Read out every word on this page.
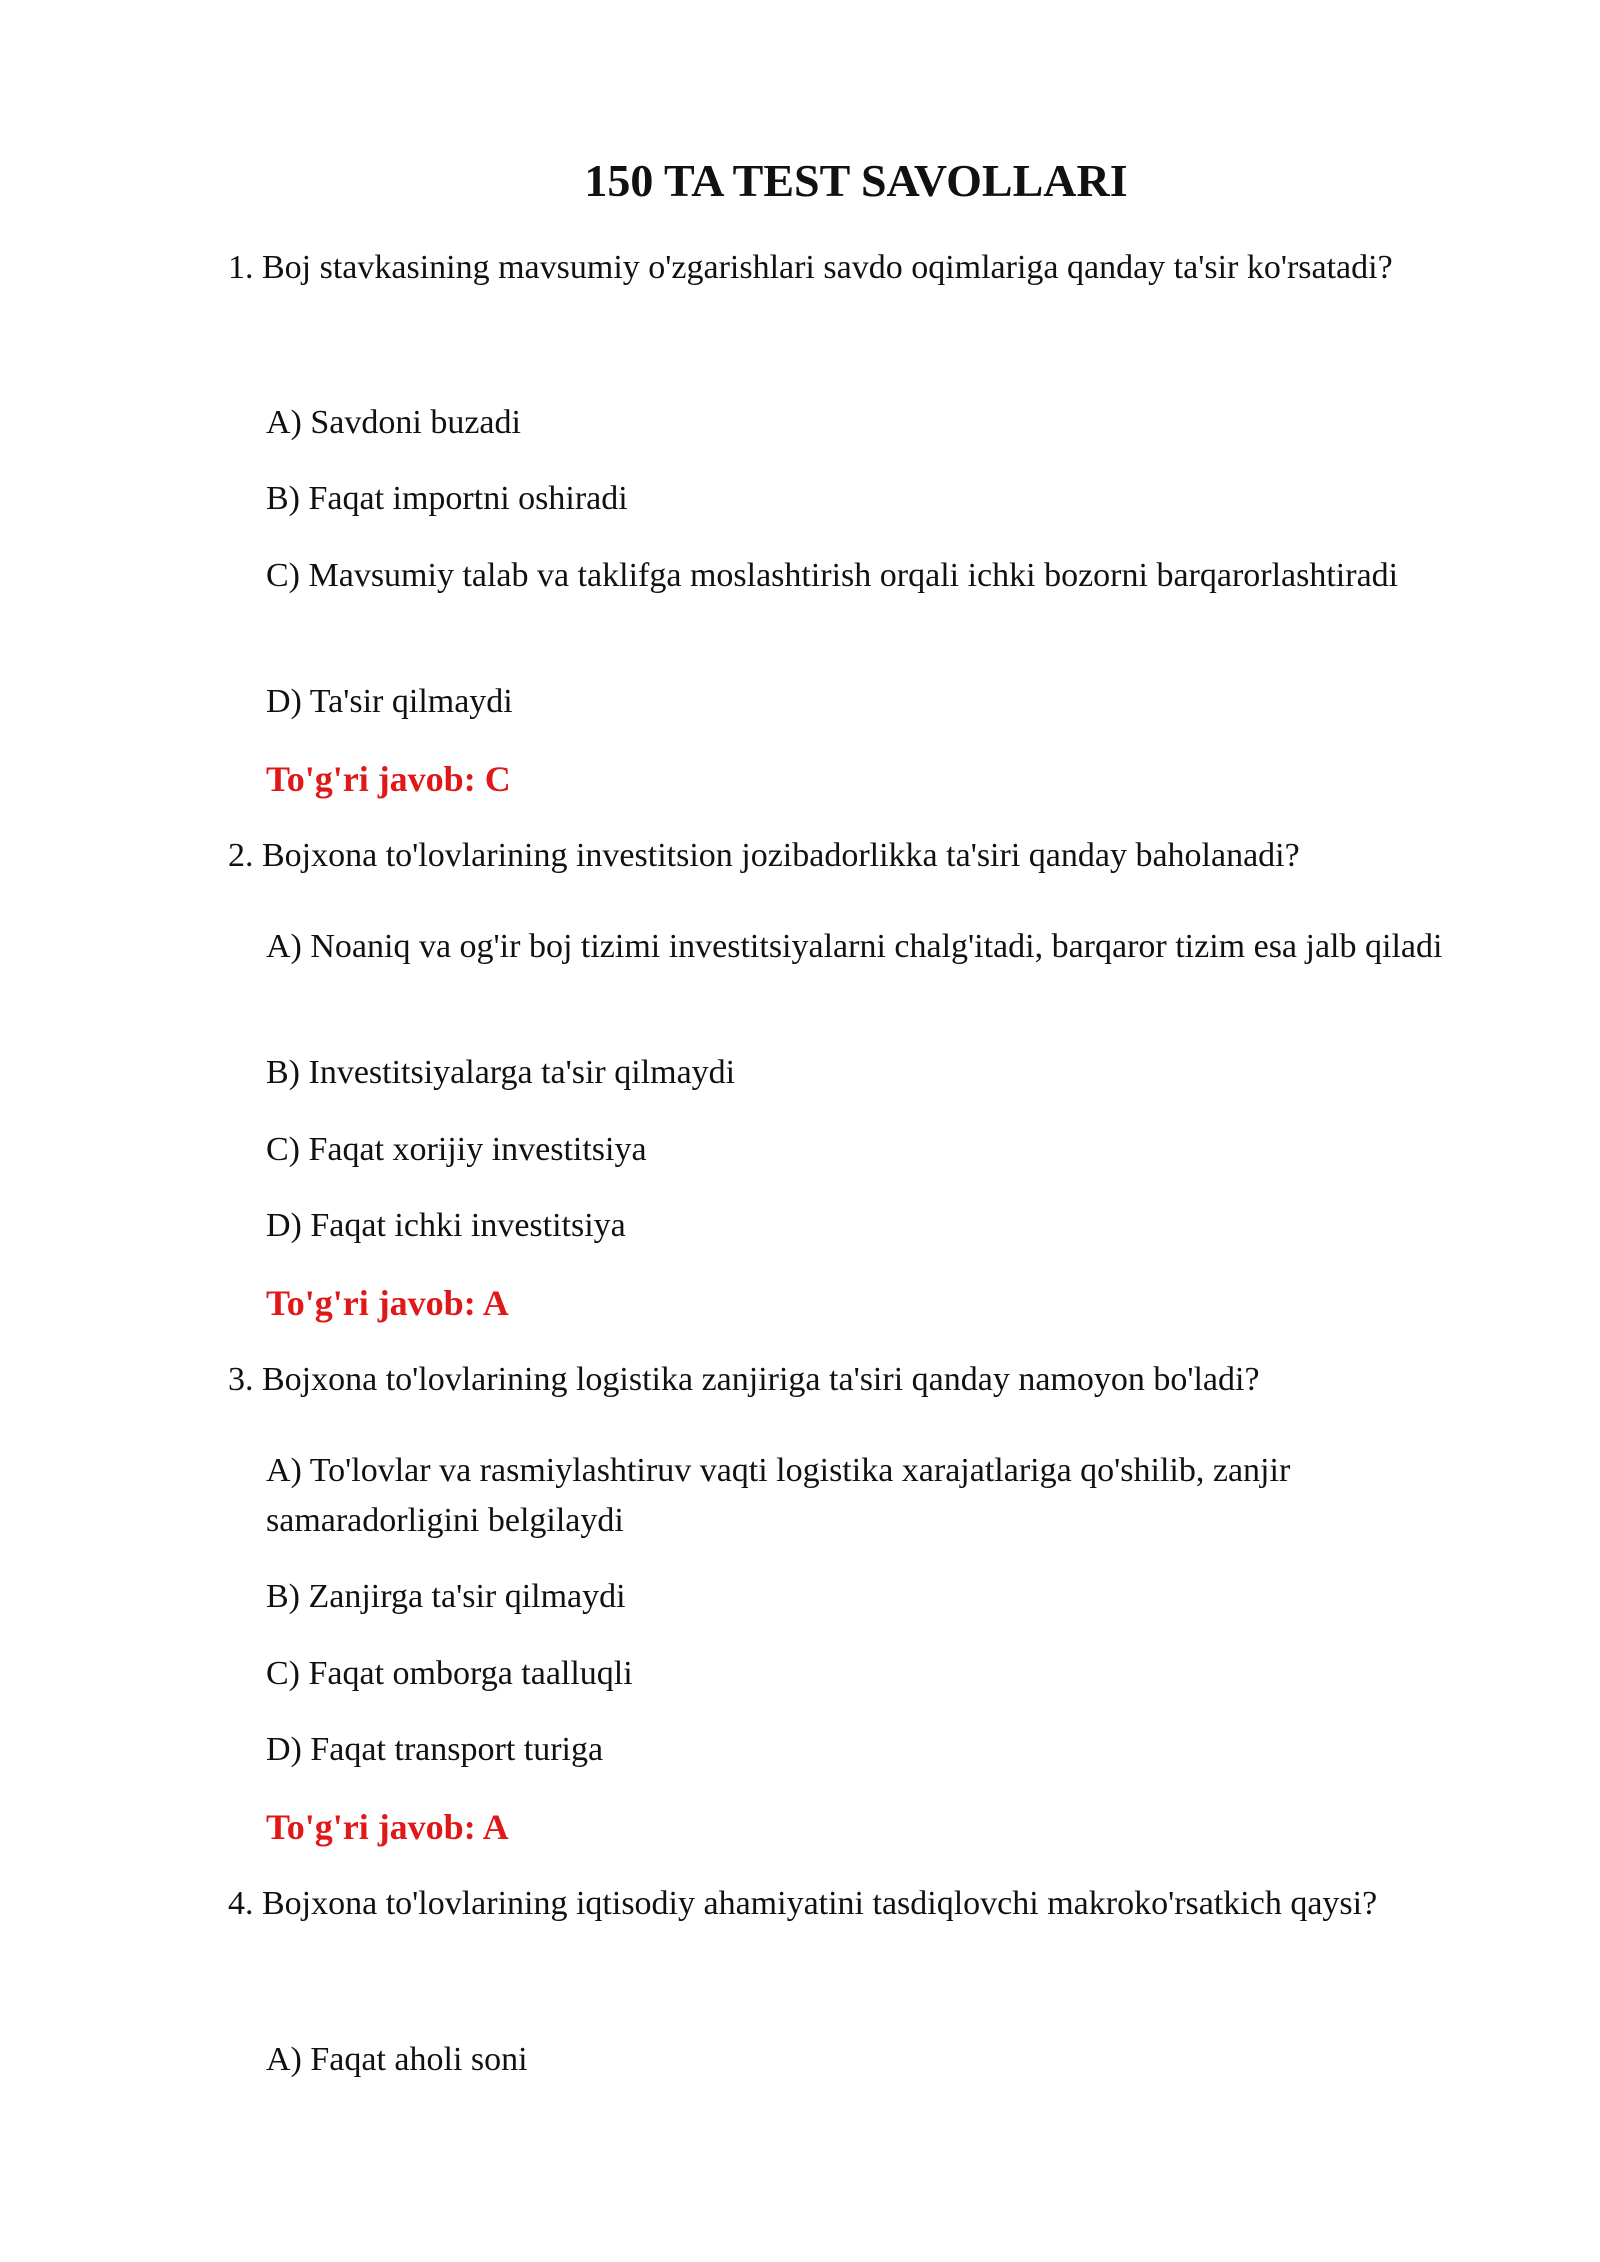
150 TA TEST SAVOLLARI

1. Boj stavkasining mavsumiy o'zgarishlari savdo oqimlariga qanday ta'sir ko'rsatadi?

A) Savdoni buzadi

B) Faqat importni oshiradi

C) Mavsumiy talab va taklifga moslashtirish orqali ichki bozorni barqarorlashtiradi

D) Ta'sir qilmaydi

To'g'ri javob: C

2. Bojxona to'lovlarining investitsion jozibadorlikka ta'siri qanday baholanadi?

A) Noaniq va og'ir boj tizimi investitsiyalarni chalg'itadi, barqaror tizim esa jalb qiladi

B) Investitsiyalarga ta'sir qilmaydi

C) Faqat xorijiy investitsiya

D) Faqat ichki investitsiya

To'g'ri javob: A

3. Bojxona to'lovlarining logistika zanjiriga ta'siri qanday namoyon bo'ladi?

A) To'lovlar va rasmiylashtiruv vaqti logistika xarajatlariga qo'shilib, zanjir samaradorligini belgilaydi

B) Zanjirga ta'sir qilmaydi

C) Faqat omborga taalluqli

D) Faqat transport turiga

To'g'ri javob: A

4. Bojxona to'lovlarining iqtisodiy ahamiyatini tasdiqlovchi makroko'rsatkich qaysi?

A) Faqat aholi soni
